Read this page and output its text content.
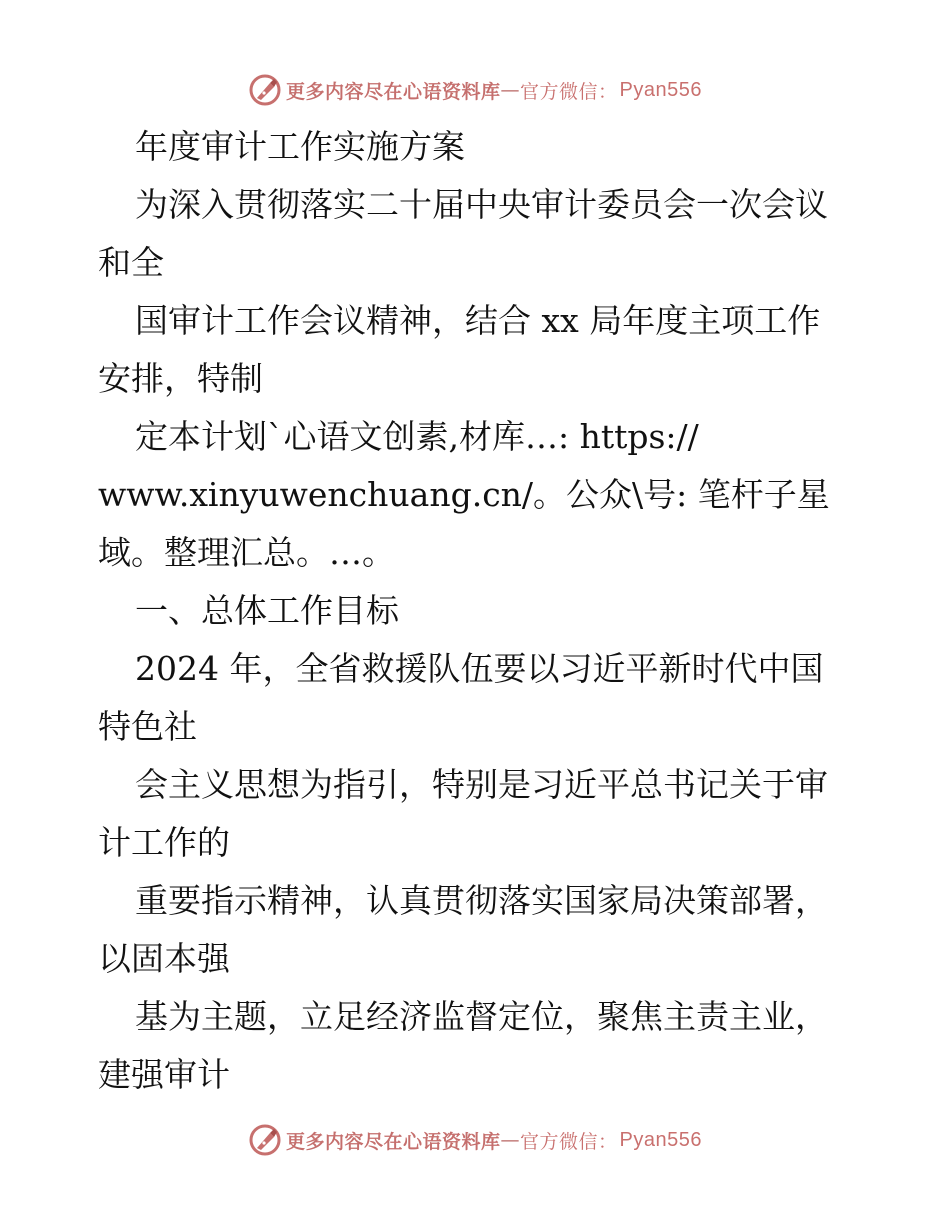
更多内容尽在心语资料库 — 官方微信： Pyan556
年度审计工作实施方案
为深入贯彻落实二十届中央审计委员会一次会议
和全
国审计工作会议精神，结合 xx 局年度主项工作
安排，特制
定本计划`心语文创素,材库…: https://
www.xinyuwenchuang.cn/。公众\号: 笔杆子星
域。整理汇总。…。
一、总体工作目标
2024 年，全省救援队伍要以习近平新时代中国
特色社
会主义思想为指引，特别是习近平总书记关于审
计工作的
重要指示精神，认真贯彻落实国家局决策部署，
以固本强
基为主题，立足经济监督定位，聚焦主责主业，
建强审计
更多内容尽在心语资料库 — 官方微信： Pyan556
